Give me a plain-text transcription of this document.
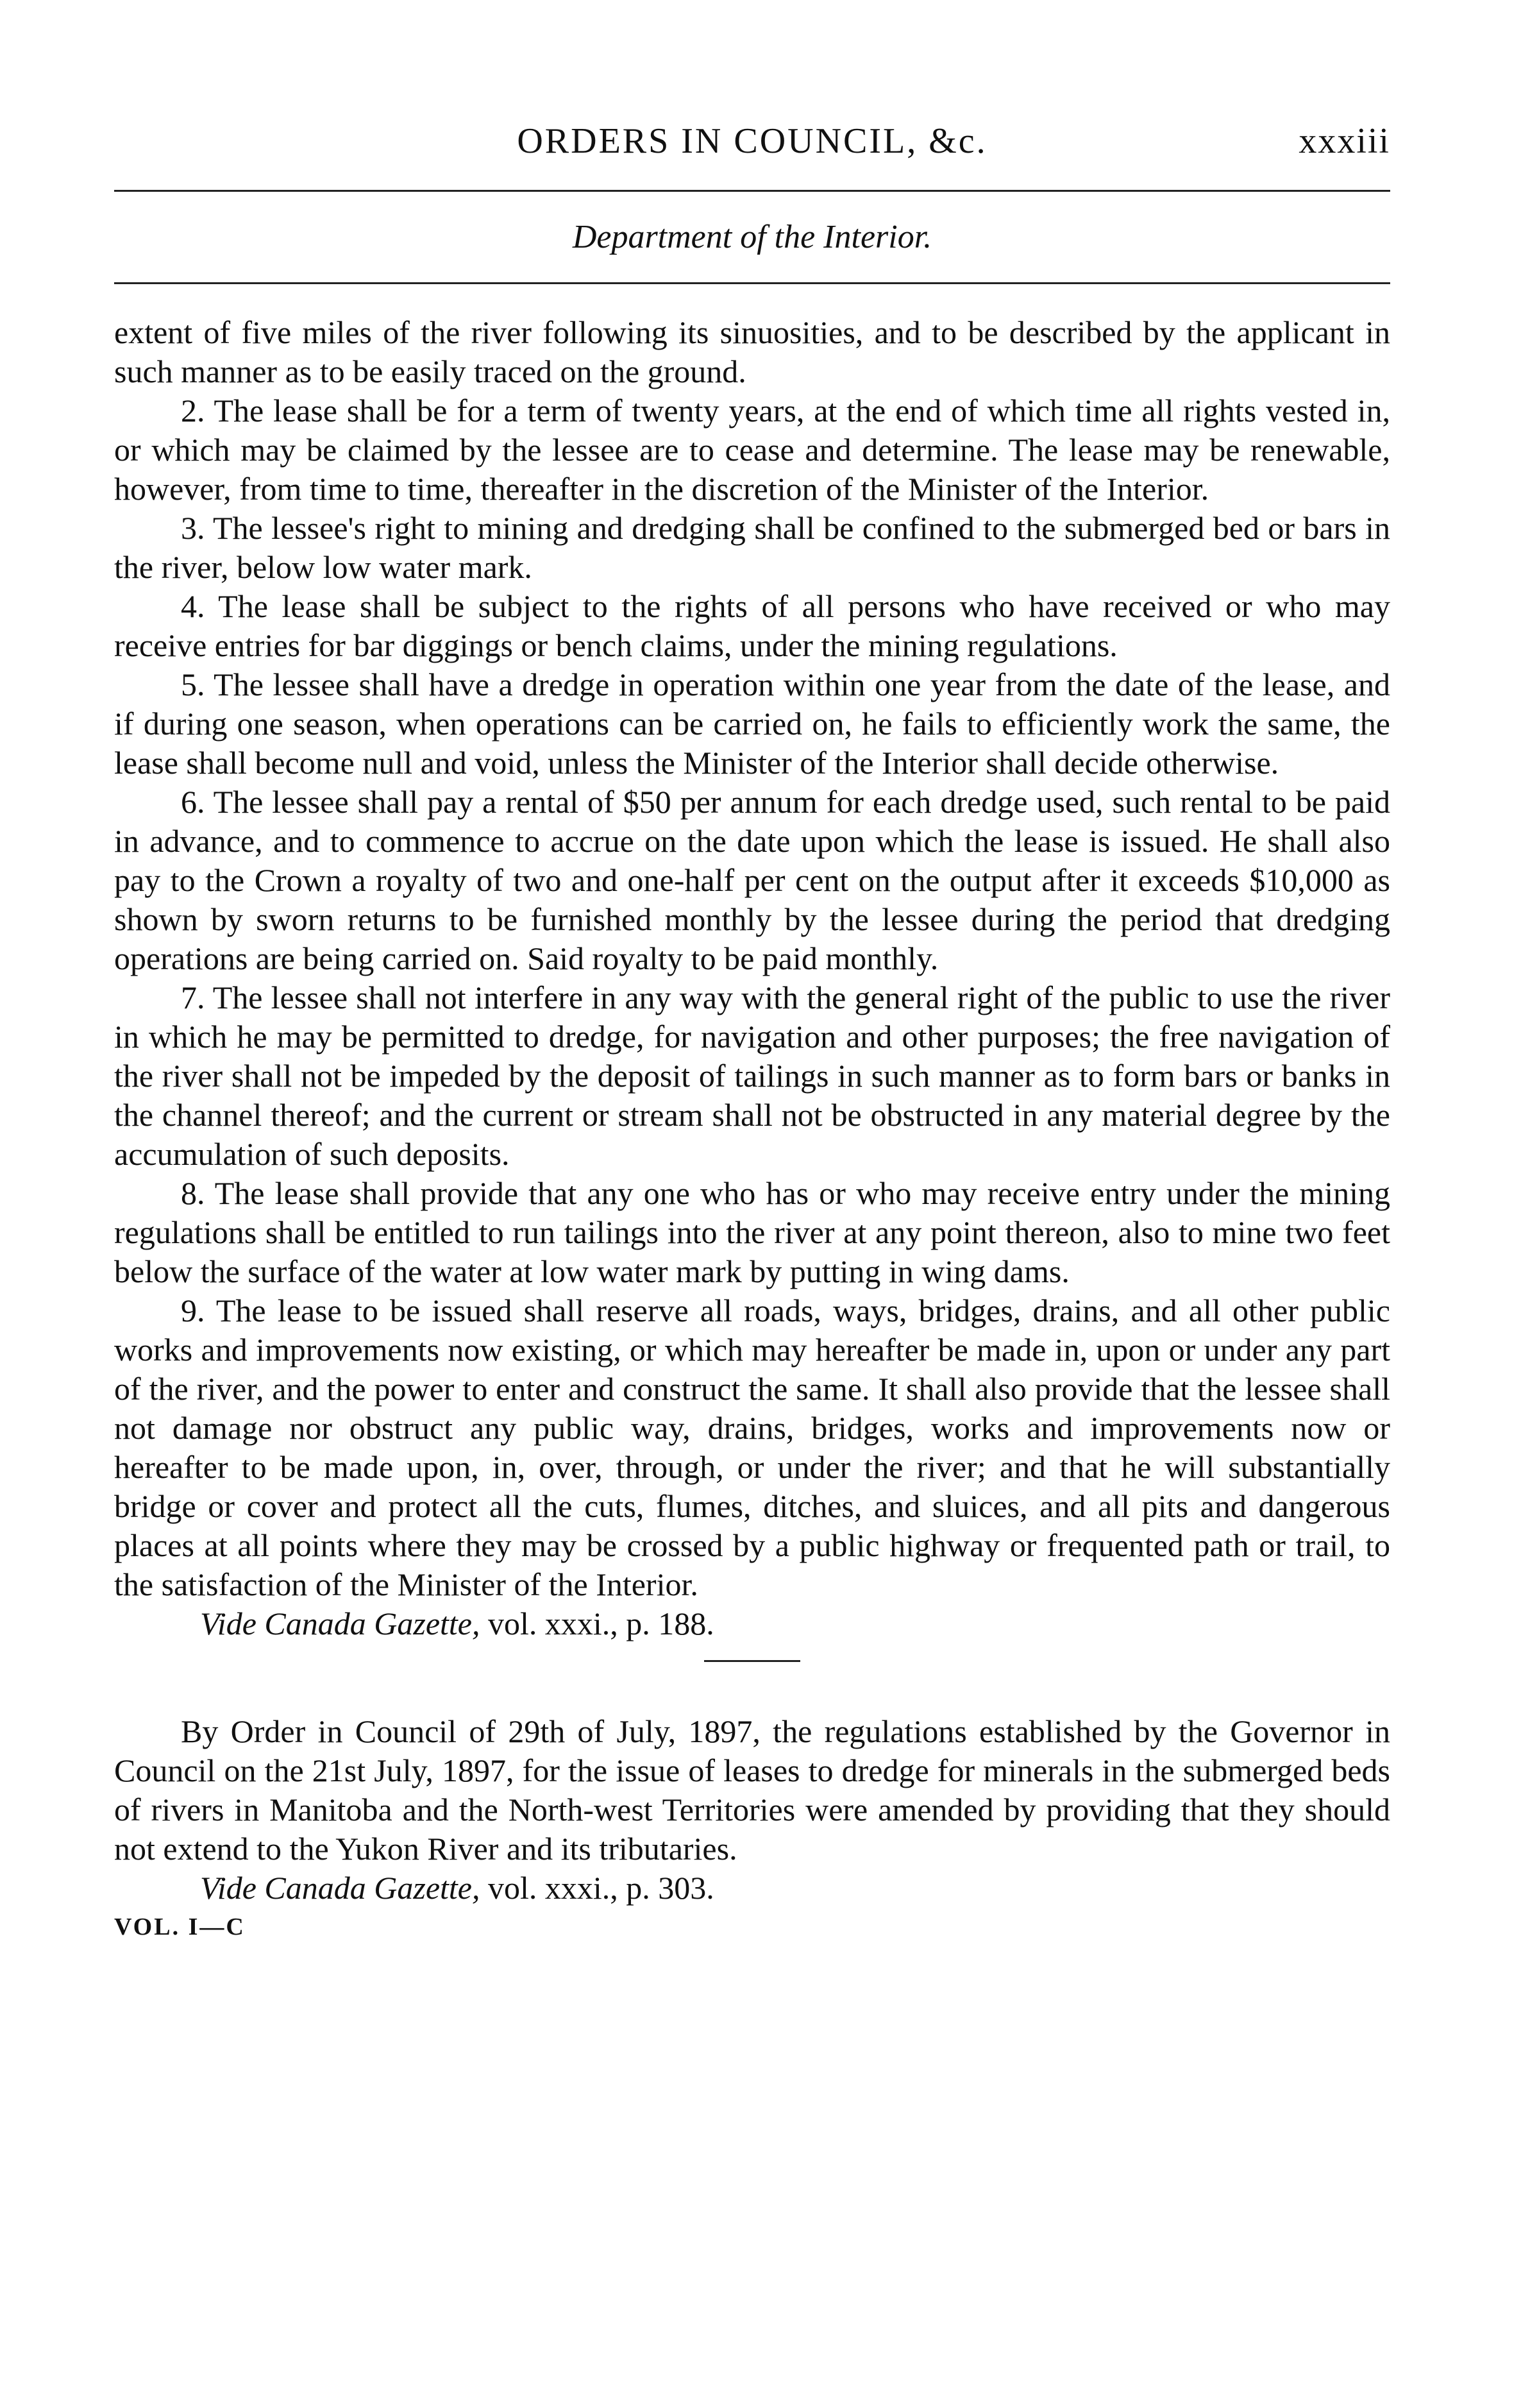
ORDERS IN COUNCIL, &c.	xxxiii
Department of the Interior.

extent of five miles of the river following its sinuosities, and to be described by the applicant in such manner as to be easily traced on the ground.

2. The lease shall be for a term of twenty years, at the end of which time all rights vested in, or which may be claimed by the lessee are to cease and determine. The lease may be renewable, however, from time to time, thereafter in the discretion of the Minister of the Interior.

3. The lessee's right to mining and dredging shall be confined to the submerged bed or bars in the river, below low water mark.

4. The lease shall be subject to the rights of all persons who have received or who may receive entries for bar diggings or bench claims, under the mining regulations.

5. The lessee shall have a dredge in operation within one year from the date of the lease, and if during one season, when operations can be carried on, he fails to efficiently work the same, the lease shall become null and void, unless the Minister of the Interior shall decide otherwise.

6. The lessee shall pay a rental of $50 per annum for each dredge used, such rental to be paid in advance, and to commence to accrue on the date upon which the lease is issued. He shall also pay to the Crown a royalty of two and one-half per cent on the output after it exceeds $10,000 as shown by sworn returns to be furnished monthly by the lessee during the period that dredging operations are being carried on. Said royalty to be paid monthly.

7. The lessee shall not interfere in any way with the general right of the public to use the river in which he may be permitted to dredge, for navigation and other purposes; the free navigation of the river shall not be impeded by the deposit of tailings in such manner as to form bars or banks in the channel thereof; and the current or stream shall not be obstructed in any material degree by the accumulation of such deposits.

8. The lease shall provide that any one who has or who may receive entry under the mining regulations shall be entitled to run tailings into the river at any point thereon, also to mine two feet below the surface of the water at low water mark by putting in wing dams.

9. The lease to be issued shall reserve all roads, ways, bridges, drains, and all other public works and improvements now existing, or which may hereafter be made in, upon or under any part of the river, and the power to enter and construct the same. It shall also provide that the lessee shall not damage nor obstruct any public way, drains, bridges, works and improvements now or hereafter to be made upon, in, over, through, or under the river; and that he will substantially bridge or cover and protect all the cuts, flumes, ditches, and sluices, and all pits and dangerous places at all points where they may be crossed by a public highway or frequented path or trail, to the satisfaction of the Minister of the Interior.

Vide Canada Gazette, vol. xxxi., p. 188.

By Order in Council of 29th of July, 1897, the regulations established by the Governor in Council on the 21st July, 1897, for the issue of leases to dredge for minerals in the submerged beds of rivers in Manitoba and the North-west Territories were amended by providing that they should not extend to the Yukon River and its tributaries.

Vide Canada Gazette, vol. xxxi., p. 303.

VOL. I—C
